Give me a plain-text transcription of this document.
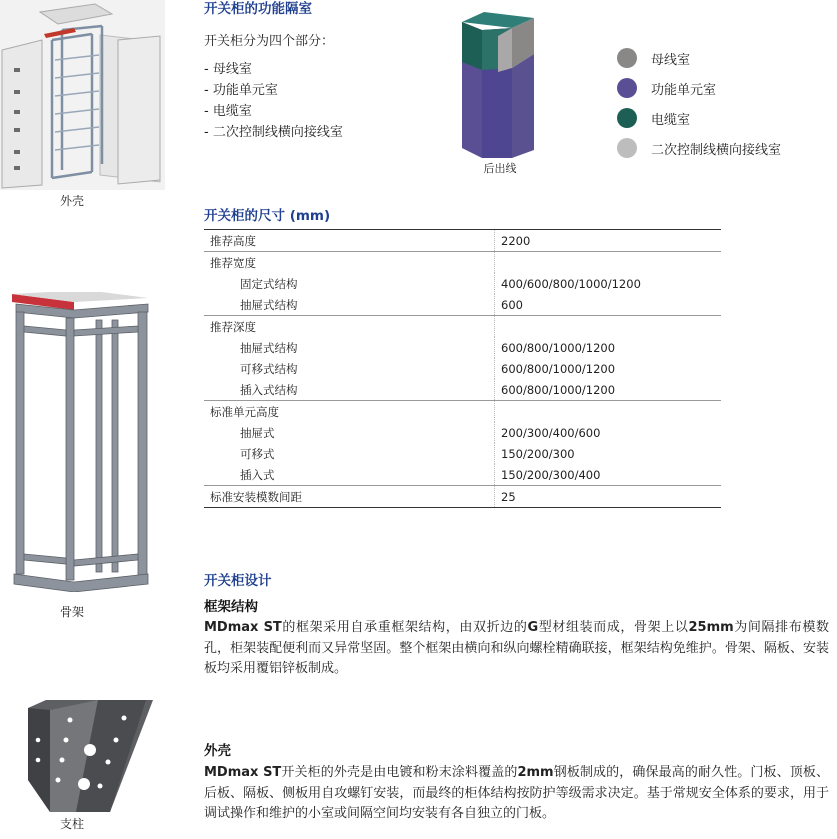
外壳
骨架
支柱
开关柜的功能隔室
开关柜分为四个部分：
- 母线室
- 功能单元室
- 电缆室
- 二次控制线横向接线室
后出线
母线室
功能单元室
电缆室
二次控制线横向接线室
开关柜的尺寸 (mm)
推荐高度	2200
推荐宽度	
固定式结构	400/600/800/1000/1200
抽屉式结构	600
推荐深度	
抽屉式结构	600/800/1000/1200
可移式结构	600/800/1000/1200
插入式结构	600/800/1000/1200
标准单元高度	
抽屉式	200/300/400/600
可移式	150/200/300
插入式	150/200/300/400
标准安装模数间距	25
开关柜设计
框架结构
MDmax ST的框架采用自承重框架结构，由双折边的G型材组装而成，骨架上以25mm为间隔排布模数孔，柜架装配便利而又异常坚固。整个框架由横向和纵向螺栓精确联接，框架结构免维护。骨架、隔板、安装板均采用覆铝锌板制成。
外壳
MDmax ST开关柜的外壳是由电镀和粉末涂料覆盖的2mm钢板制成的，确保最高的耐久性。门板、顶板、后板、隔板、侧板用自攻螺钉安装，而最终的柜体结构按防护等级需求决定。基于常规安全体系的要求，用于调试操作和维护的小室或间隔空间均安装有各自独立的门板。
